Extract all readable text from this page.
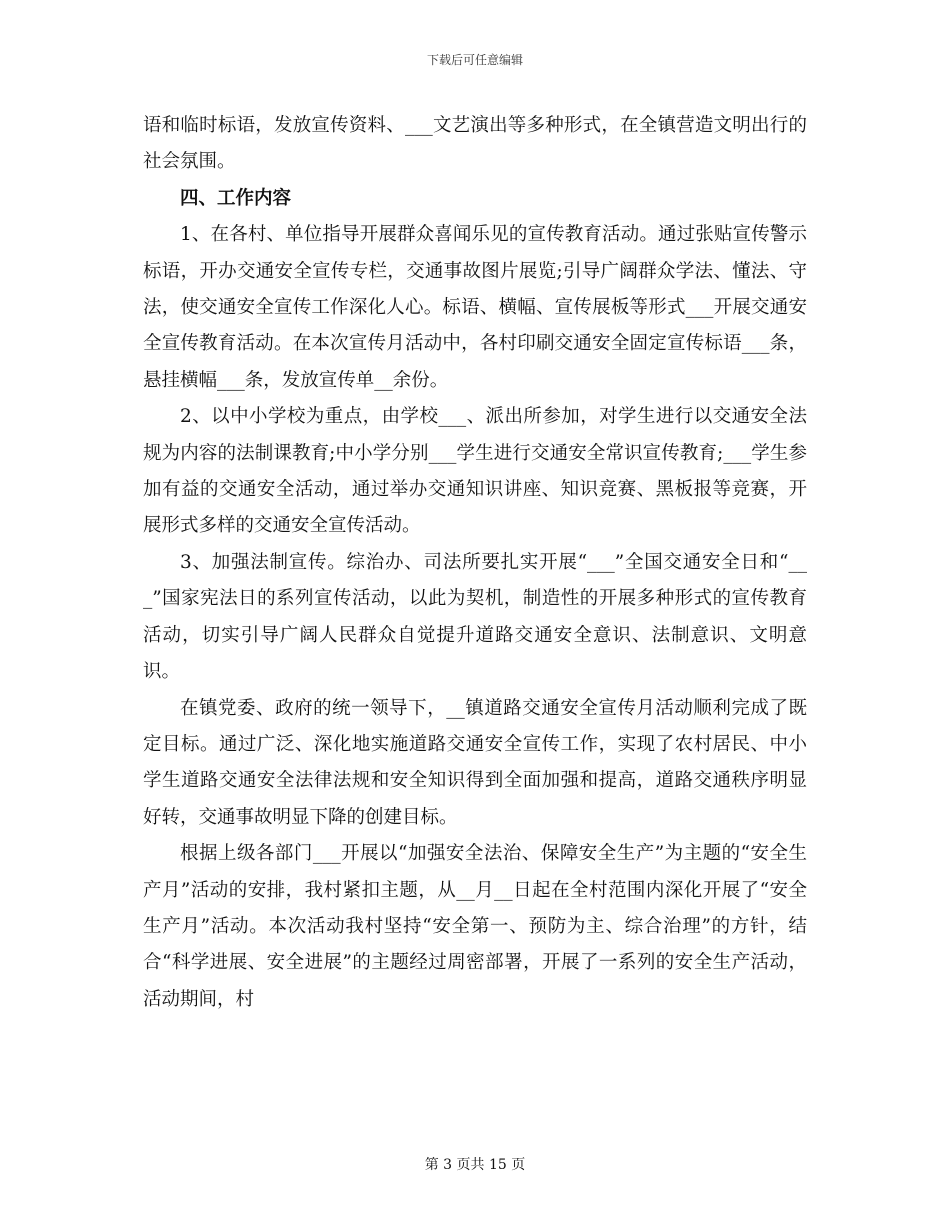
下载后可任意编辑

语和临时标语，发放宣传资料、___文艺演出等多种形式，在全镇营造文明出行的社会氛围。

四、工作内容

1、在各村、单位指导开展群众喜闻乐见的宣传教育活动。通过张贴宣传警示标语，开办交通安全宣传专栏，交通事故图片展览;引导广阔群众学法、懂法、守法，使交通安全宣传工作深化人心。标语、横幅、宣传展板等形式___开展交通安全宣传教育活动。在本次宣传月活动中，各村印刷交通安全固定宣传标语___条，悬挂横幅___条，发放宣传单__余份。

2、以中小学校为重点，由学校___、派出所参加，对学生进行以交通安全法规为内容的法制课教育;中小学分别___学生进行交通安全常识宣传教育;___学生参加有益的交通安全活动，通过举办交通知识讲座、知识竞赛、黑板报等竞赛，开展形式多样的交通安全宣传活动。

3、加强法制宣传。综治办、司法所要扎实开展“___”全国交通安全日和“___”国家宪法日的系列宣传活动，以此为契机，制造性的开展多种形式的宣传教育活动，切实引导广阔人民群众自觉提升道路交通安全意识、法制意识、文明意识。

在镇党委、政府的统一领导下，__镇道路交通安全宣传月活动顺利完成了既定目标。通过广泛、深化地实施道路交通安全宣传工作，实现了农村居民、中小学生道路交通安全法律法规和安全知识得到全面加强和提高，道路交通秩序明显好转，交通事故明显下降的创建目标。

根据上级各部门___开展以“加强安全法治、保障安全生产”为主题的“安全生产月”活动的安排，我村紧扣主题，从__月__日起在全村范围内深化开展了“安全生产月”活动。本次活动我村坚持“安全第一、预防为主、综合治理”的方针，结合“科学进展、安全进展”的主题经过周密部署，开展了一系列的安全生产活动，活动期间，村

第 3 页共 15 页
